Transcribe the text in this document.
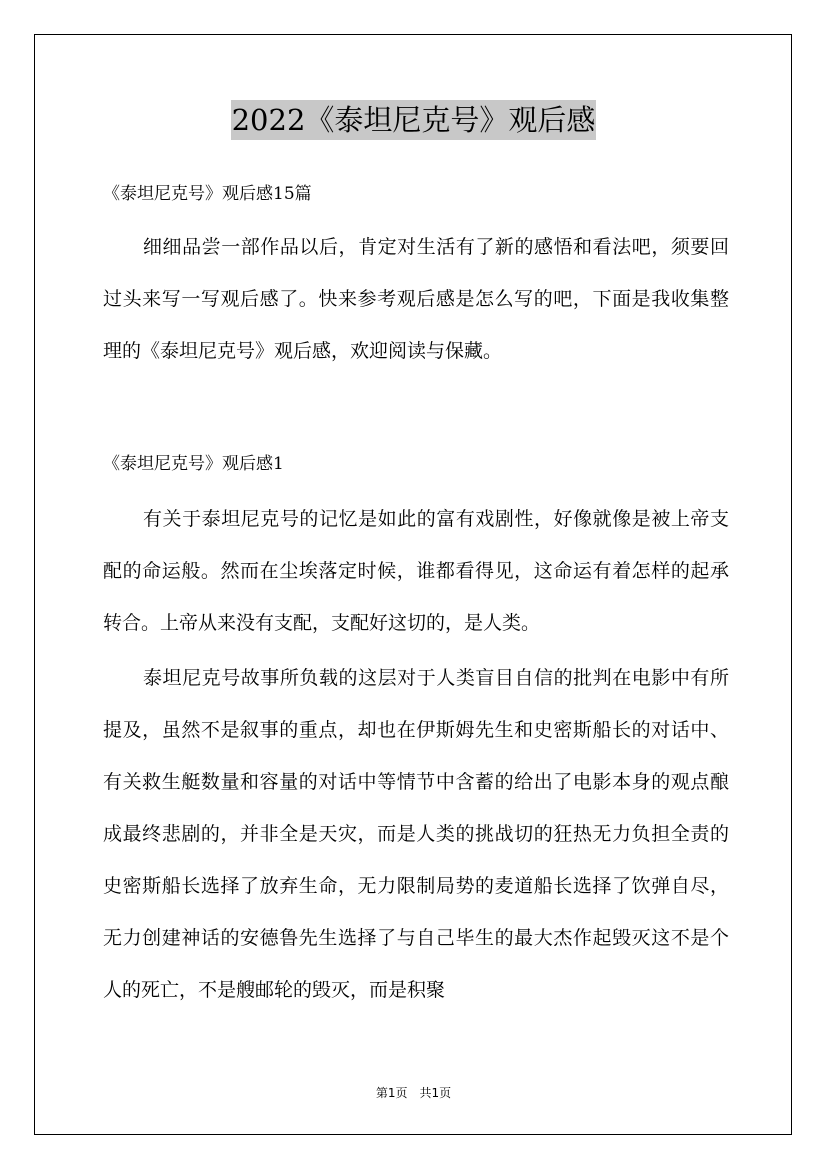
2022《泰坦尼克号》观后感
《泰坦尼克号》观后感15篇
细细品尝一部作品以后，肯定对生活有了新的感悟和看法吧，须要回过头来写一写观后感了。快来参考观后感是怎么写的吧，下面是我收集整理的《泰坦尼克号》观后感，欢迎阅读与保藏。
《泰坦尼克号》观后感1
有关于泰坦尼克号的记忆是如此的富有戏剧性，好像就像是被上帝支配的命运般。然而在尘埃落定时候，谁都看得见，这命运有着怎样的起承转合。上帝从来没有支配，支配好这切的，是人类。
泰坦尼克号故事所负载的这层对于人类盲目自信的批判在电影中有所提及，虽然不是叙事的重点，却也在伊斯姆先生和史密斯船长的对话中、有关救生艇数量和容量的对话中等情节中含蓄的给出了电影本身的观点酿成最终悲剧的，并非全是天灾，而是人类的挑战切的狂热无力负担全责的史密斯船长选择了放弃生命，无力限制局势的麦道船长选择了饮弹自尽，无力创建神话的安德鲁先生选择了与自己毕生的最大杰作起毁灭这不是个人的死亡，不是艘邮轮的毁灭，而是积聚
第1页　共1页
